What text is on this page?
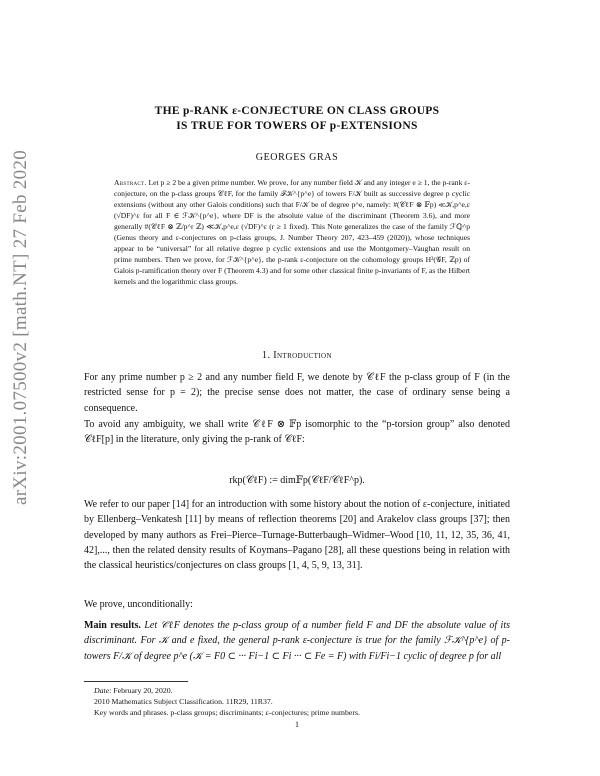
arXiv:2001.07500v2 [math.NT] 27 Feb 2020
THE p-RANK ε-CONJECTURE ON CLASS GROUPS
IS TRUE FOR TOWERS OF p-EXTENSIONS
GEORGES GRAS

Abstract. Let p ≥ 2 be a given prime number. We prove, for any number field 𝒦 and any integer e ≥ 1, the p-rank ε-conjecture, on the p-class groups 𝒞ℓF, for the family ℱ𝒦^{p^e} of towers F/𝒦 built as successive degree p cyclic extensions (without any other Galois conditions) such that F/𝒦 be of degree p^e, namely: #(𝒞ℓF ⊗ 𝔽p) ≪𝒦,p^e,ε (√DF)^ε for all F ∈ ℱ𝒦^{p^e}, where DF is the absolute value of the discriminant (Theorem 3.6), and more generally #(𝒞ℓF ⊗ ℤ/p^r ℤ) ≪𝒦,p^e,ε (√DF)^ε (r ≥ 1 fixed). This Note generalizes the case of the family ℱℚ^p (Genus theory and ε-conjectures on p-class groups, J. Number Theory 207, 423–459 (2020)), whose techniques appear to be “universal” for all relative degree p cyclic extensions and use the Montgomery–Vaughan result on prime numbers. Then we prove, for ℱ𝒦^{p^e}, the p-rank ε-conjecture on the cohomology groups H²(𝒢F, ℤp) of Galois p-ramification theory over F (Theorem 4.3) and for some other classical finite p-invariants of F, as the Hilbert kernels and the logarithmic class groups.

1. Introduction

For any prime number p ≥ 2 and any number field F, we denote by 𝒞ℓF the p-class group of F (in the restricted sense for p = 2); the precise sense does not matter, the case of ordinary sense being a consequence.

To avoid any ambiguity, we shall write 𝒞ℓF ⊗ 𝔽p isomorphic to the “p-torsion group” also denoted 𝒞ℓF[p] in the literature, only giving the p-rank of 𝒞ℓF:

rkp(𝒞ℓF) := dim𝔽p(𝒞ℓF/𝒞ℓF^p).

We refer to our paper [14] for an introduction with some history about the notion of ε-conjecture, initiated by Ellenberg–Venkatesh [11] by means of reflection theorems [20] and Arakelov class groups [37]; then developed by many authors as Frei–Pierce–Turnage-Butterbaugh–Widmer–Wood [10, 11, 12, 35, 36, 41, 42],..., then the related density results of Koymans–Pagano [28], all these questions being in relation with the classical heuristics/conjectures on class groups [1, 4, 5, 9, 13, 31].

We prove, unconditionally:

Main results. Let 𝒞ℓF denotes the p-class group of a number field F and DF the absolute value of its discriminant. For 𝒦 and e fixed, the general p-rank ε-conjecture is true for the family ℱ𝒦^{p^e} of p-towers F/𝒦 of degree p^e (𝒦 = F0 ⊂ ··· Fi−1 ⊂ Fi ··· ⊂ Fe = F) with Fi/Fi−1 cyclic of degree p for all

Date: February 20, 2020.

2010 Mathematics Subject Classification. 11R29, 11R37.

Key words and phrases. p-class groups; discriminants; ε-conjectures; prime numbers.

1
